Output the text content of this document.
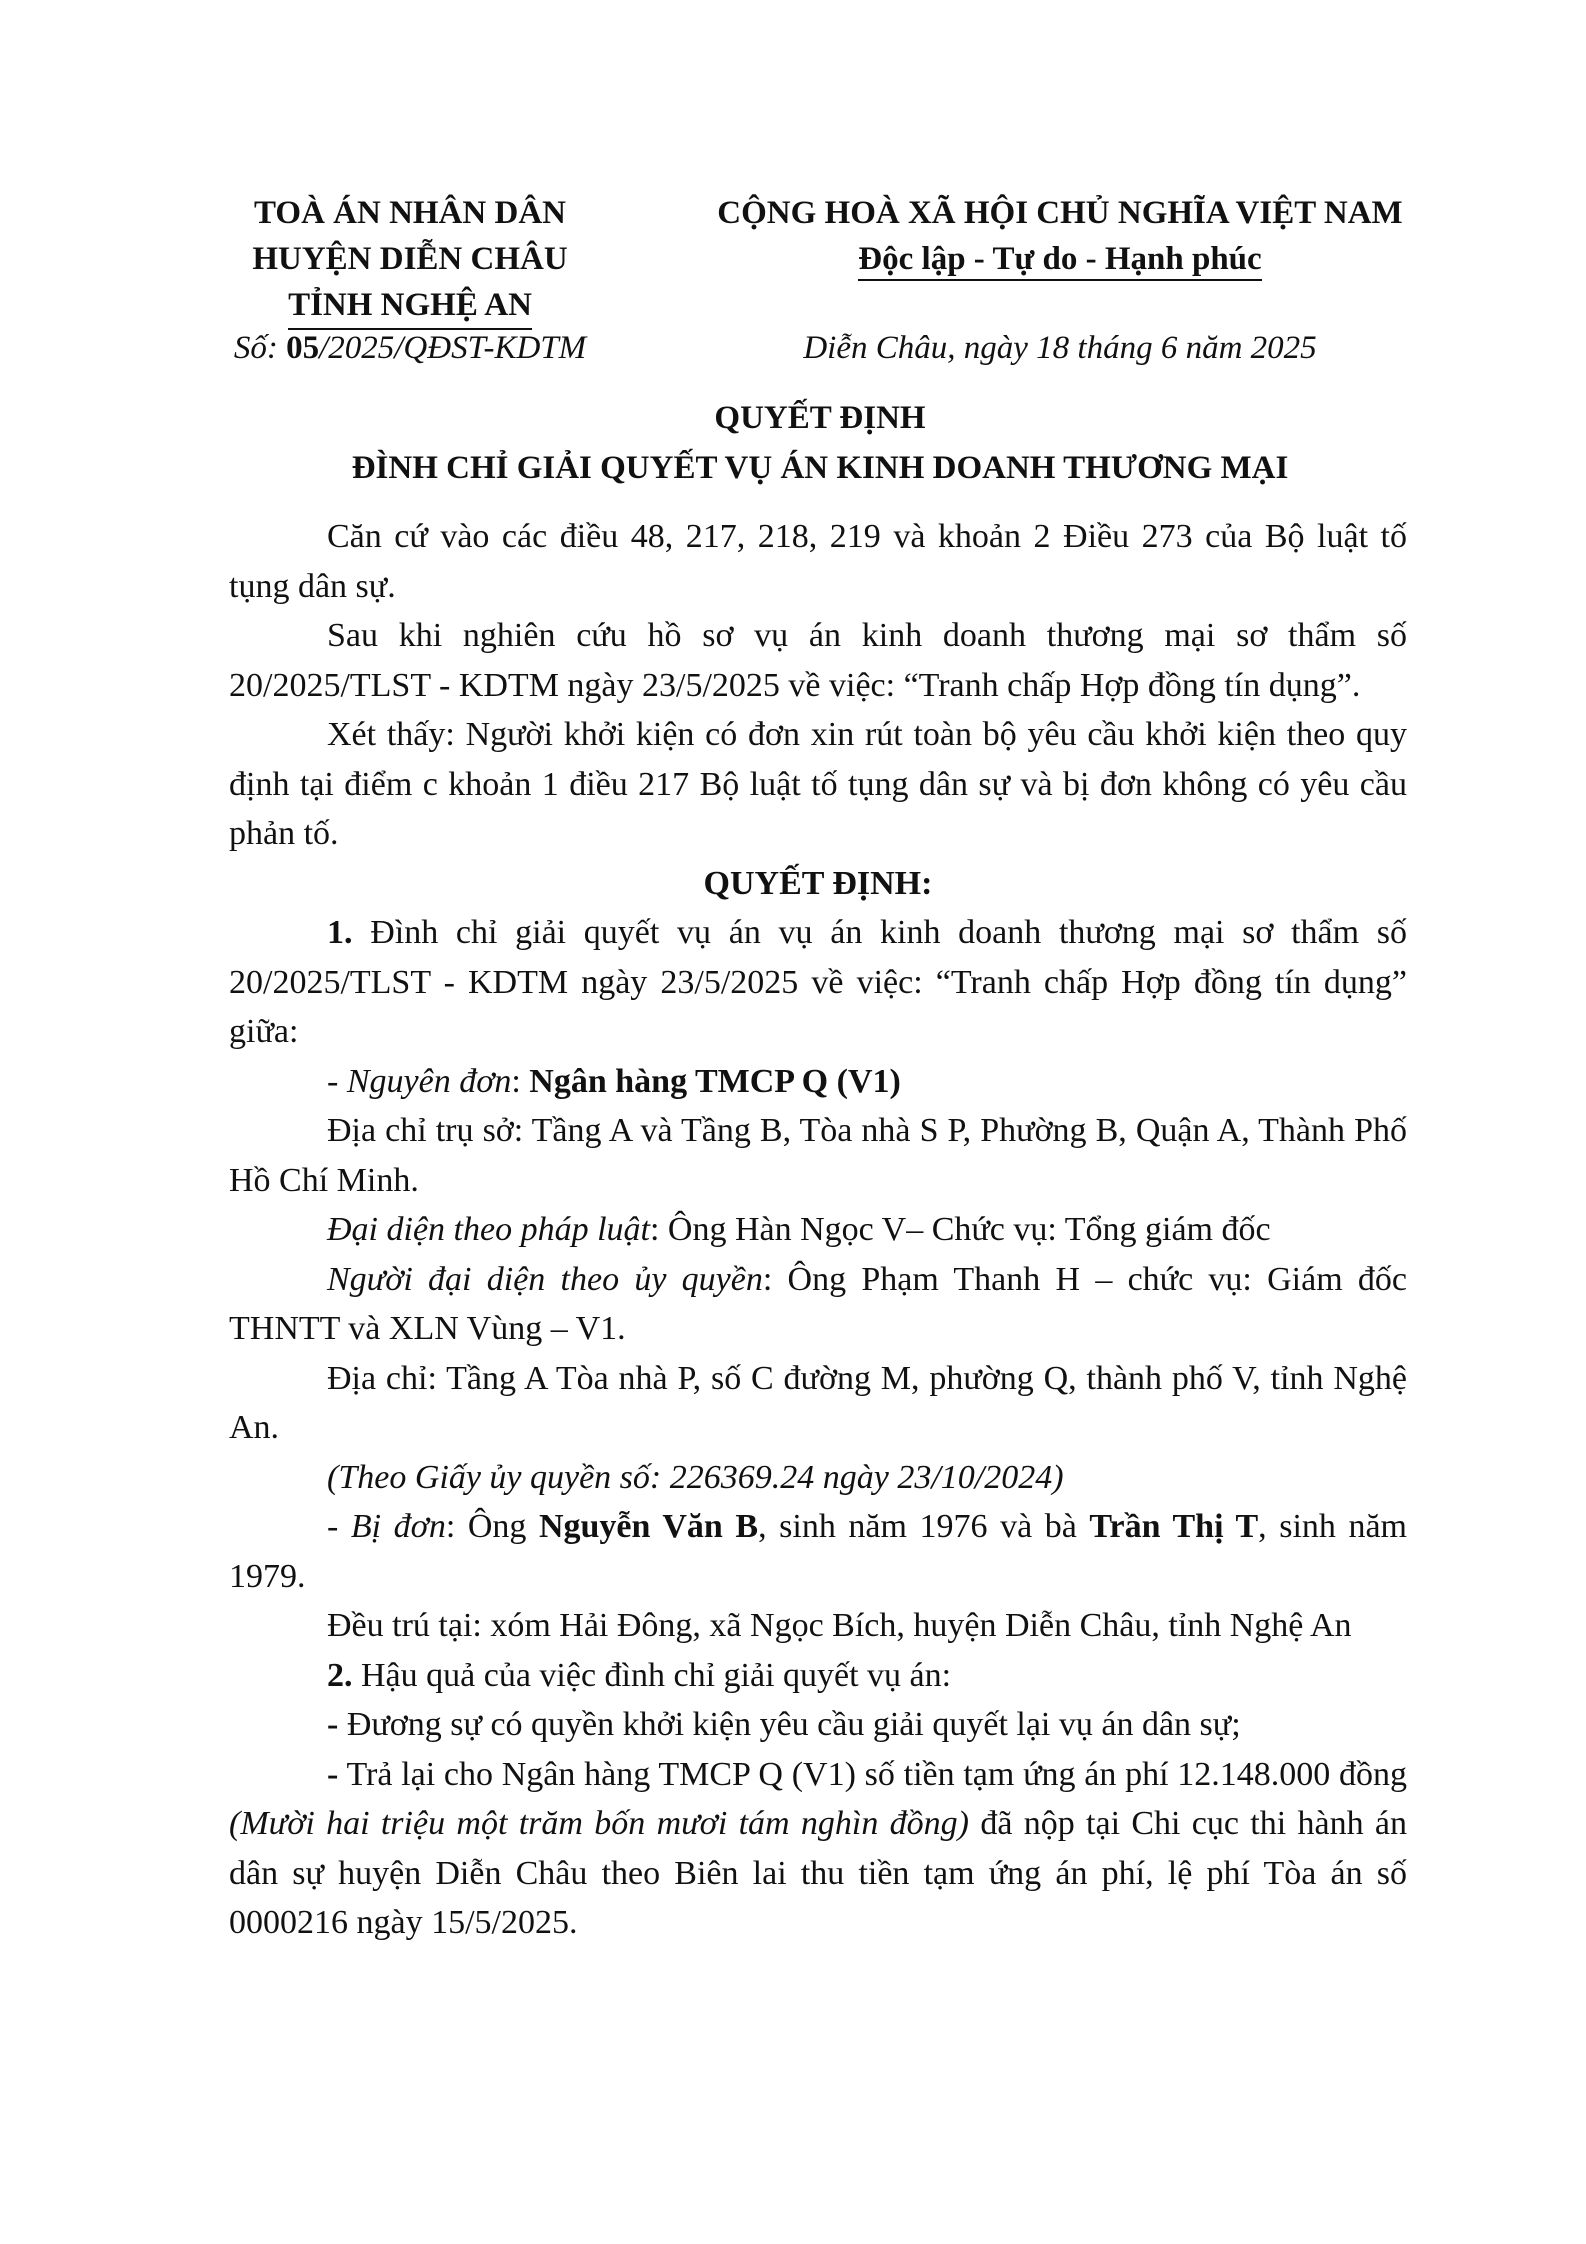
TOÀ ÁN NHÂN DÂN
HUYỆN DIỄN CHÂU
TỈNH NGHỆ AN
CỘNG HOÀ XÃ HỘI CHỦ NGHĨA VIỆT NAM
Độc lập - Tự do - Hạnh phúc
Số: 05/2025/QĐST-KDTM	Diễn Châu, ngày 18 tháng 6 năm 2025
QUYẾT ĐỊNH
ĐÌNH CHỈ GIẢI QUYẾT VỤ ÁN KINH DOANH THƯƠNG MẠI

Căn cứ vào các điều 48, 217, 218, 219 và khoản 2 Điều 273 của Bộ luật tố tụng dân sự.

Sau khi nghiên cứu hồ sơ vụ án kinh doanh thương mại sơ thẩm số 20/2025/TLST - KDTM ngày 23/5/2025 về việc: “Tranh chấp Hợp đồng tín dụng”.

Xét thấy: Người khởi kiện có đơn xin rút toàn bộ yêu cầu khởi kiện theo quy định tại điểm c khoản 1 điều 217 Bộ luật tố tụng dân sự và bị đơn không có yêu cầu phản tố.

QUYẾT ĐỊNH:

1. Đình chỉ giải quyết vụ án vụ án kinh doanh thương mại sơ thẩm số 20/2025/TLST - KDTM ngày 23/5/2025 về việc: “Tranh chấp Hợp đồng tín dụng” giữa:

- Nguyên đơn: Ngân hàng TMCP Q (V1)

Địa chỉ trụ sở: Tầng A và Tầng B, Tòa nhà S P, Phường B, Quận A, Thành Phố Hồ Chí Minh.

Đại diện theo pháp luật: Ông Hàn Ngọc V– Chức vụ: Tổng giám đốc

Người đại diện theo ủy quyền: Ông Phạm Thanh H – chức vụ: Giám đốc THNTT và XLN Vùng – V1.

Địa chỉ: Tầng A Tòa nhà P, số C đường M, phường Q, thành phố V, tỉnh Nghệ An.

(Theo Giấy ủy quyền số: 226369.24 ngày 23/10/2024)

- Bị đơn: Ông Nguyễn Văn B, sinh năm 1976 và bà Trần Thị T, sinh năm 1979.

Đều trú tại: xóm Hải Đông, xã Ngọc Bích, huyện Diễn Châu, tỉnh Nghệ An

2. Hậu quả của việc đình chỉ giải quyết vụ án:

- Đương sự có quyền khởi kiện yêu cầu giải quyết lại vụ án dân sự;

- Trả lại cho Ngân hàng TMCP Q (V1) số tiền tạm ứng án phí 12.148.000 đồng (Mười hai triệu một trăm bốn mươi tám nghìn đồng) đã nộp tại Chi cục thi hành án dân sự huyện Diễn Châu theo Biên lai thu tiền tạm ứng án phí, lệ phí Tòa án số 0000216 ngày 15/5/2025.
